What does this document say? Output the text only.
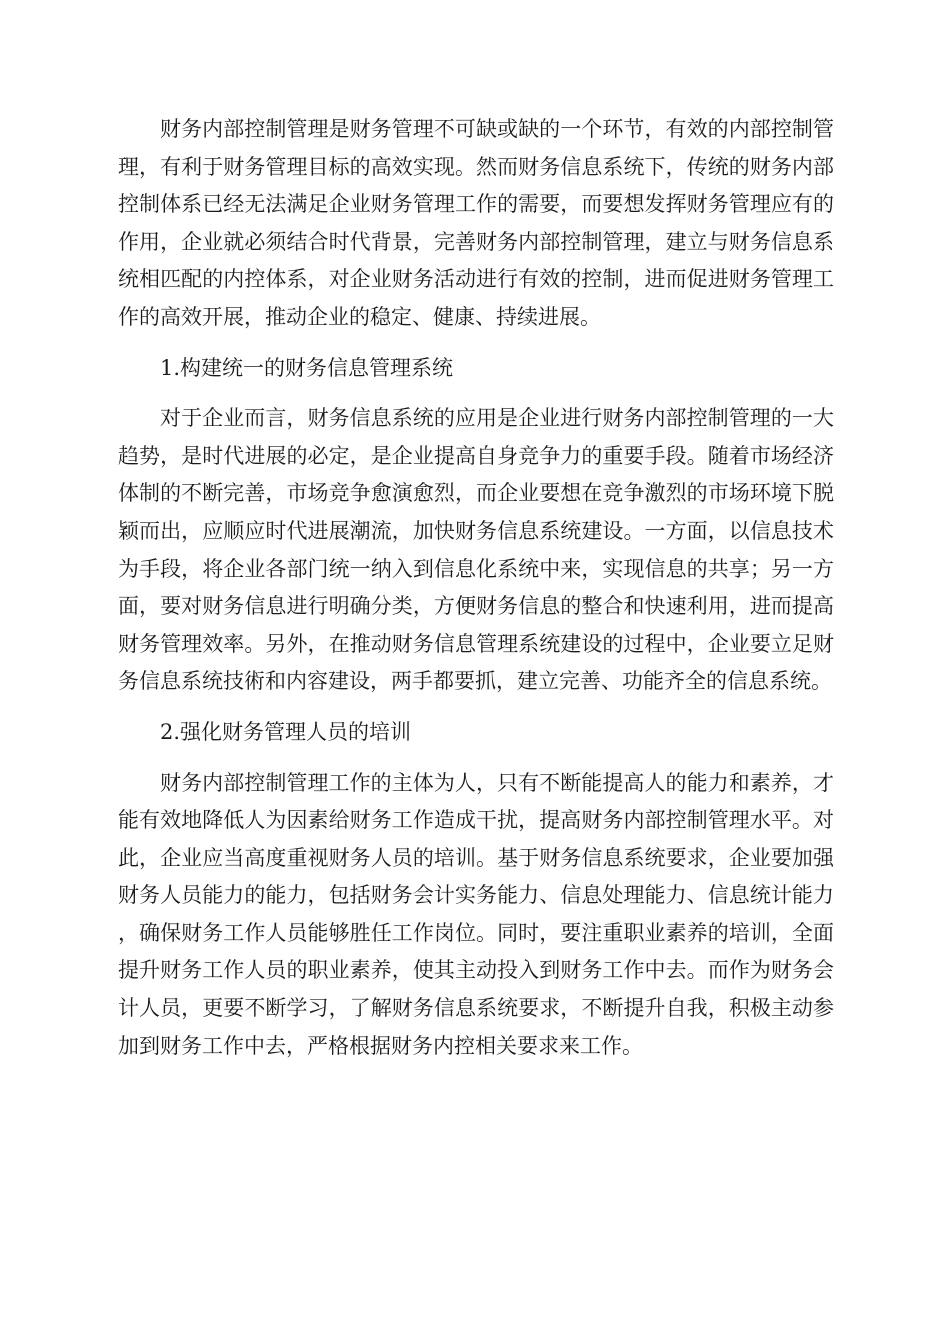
财务内部控制管理是财务管理不可缺或缺的一个环节，有效的内部控制管理，有利于财务管理目标的高效实现。然而财务信息系统下，传统的财务内部控制体系已经无法满足企业财务管理工作的需要，而要想发挥财务管理应有的作用，企业就必须结合时代背景，完善财务内部控制管理，建立与财务信息系统相匹配的内控体系，对企业财务活动进行有效的控制，进而促进财务管理工作的高效开展，推动企业的稳定、健康、持续进展。

1.构建统一的财务信息管理系统

对于企业而言，财务信息系统的应用是企业进行财务内部控制管理的一大趋势，是时代进展的必定，是企业提高自身竞争力的重要手段。随着市场经济体制的不断完善，市场竞争愈演愈烈，而企业要想在竞争激烈的市场环境下脱颖而出，应顺应时代进展潮流，加快财务信息系统建设。一方面，以信息技术为手段，将企业各部门统一纳入到信息化系统中来，实现信息的共享；另一方面，要对财务信息进行明确分类，方便财务信息的整合和快速利用，进而提高财务管理效率。另外，在推动财务信息管理系统建设的过程中，企业要立足财务信息系统技術和内容建设，两手都要抓，建立完善、功能齐全的信息系统。

2.强化财务管理人员的培训

财务内部控制管理工作的主体为人，只有不断能提高人的能力和素养，才能有效地降低人为因素给财务工作造成干扰，提高财务内部控制管理水平。对此，企业应当高度重视财务人员的培训。基于财务信息系统要求，企业要加强财务人员能力的能力，包括财务会计实务能力、信息处理能力、信息统计能力，确保财务工作人员能够胜任工作岗位。同时，要注重职业素养的培训，全面提升财务工作人员的职业素养，使其主动投入到财务工作中去。而作为财务会计人员，更要不断学习，了解财务信息系统要求，不断提升自我，积极主动参加到财务工作中去，严格根据财务内控相关要求来工作。
